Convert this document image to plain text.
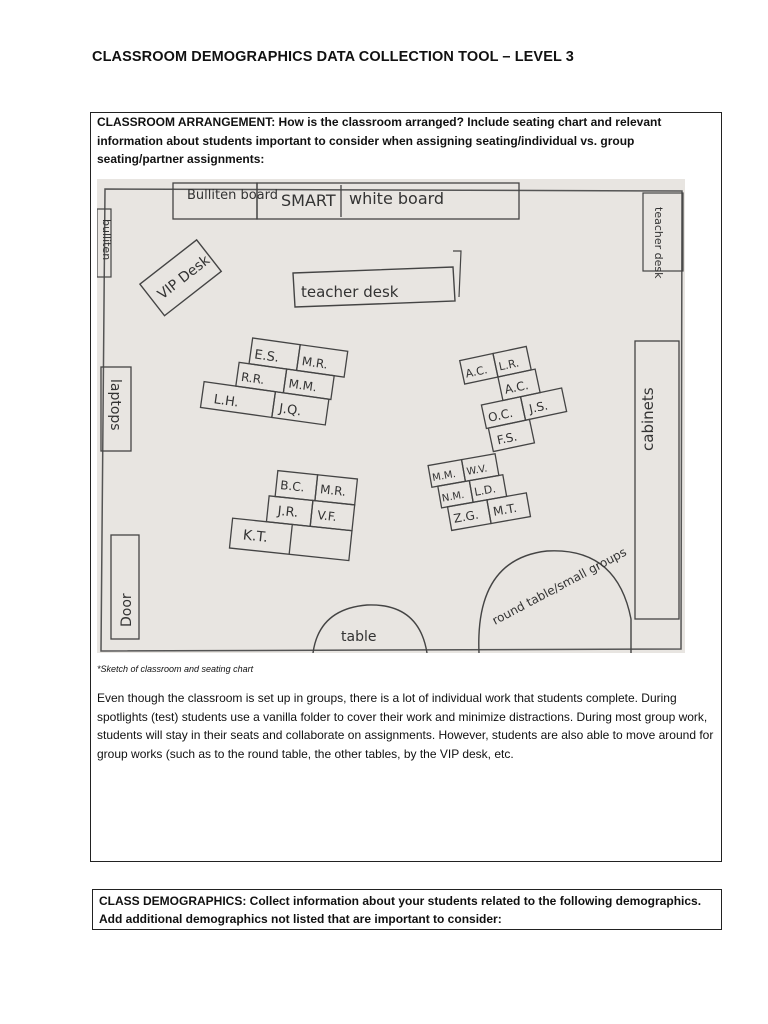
CLASSROOM DEMOGRAPHICS DATA COLLECTION TOOL – LEVEL 3
CLASSROOM ARRANGEMENT: How is the classroom arranged? Include seating chart and relevant information about students important to consider when assigning seating/individual vs. group seating/partner assignments:
Bulliten board SMART white board
bulliten	teacher desk
VIP Desk	teacher desk
laptops	cabinets
Door
E.S. M.R.
R.R. M.M.
L.H.	J.Q.
A.C. L.R.
A.C.
O.C. J.S.
F.S.
M.M. W.V.
N.M. L.D.
Z.G. M.T.
B.C. M.R.
J.R. V.F.
K.T.
table
round table/small groups
*Sketch of classroom and seating chart
Even though the classroom is set up in groups, there is a lot of individual work that students complete. During spotlights (test) students use a vanilla folder to cover their work and minimize distractions. During most group work, students will stay in their seats and collaborate on assignments. However, students are also able to move around for group works (such as to the round table, the other tables, by the VIP desk, etc.
CLASS DEMOGRAPHICS: Collect information about your students related to the following demographics. Add additional demographics not listed that are important to consider:
